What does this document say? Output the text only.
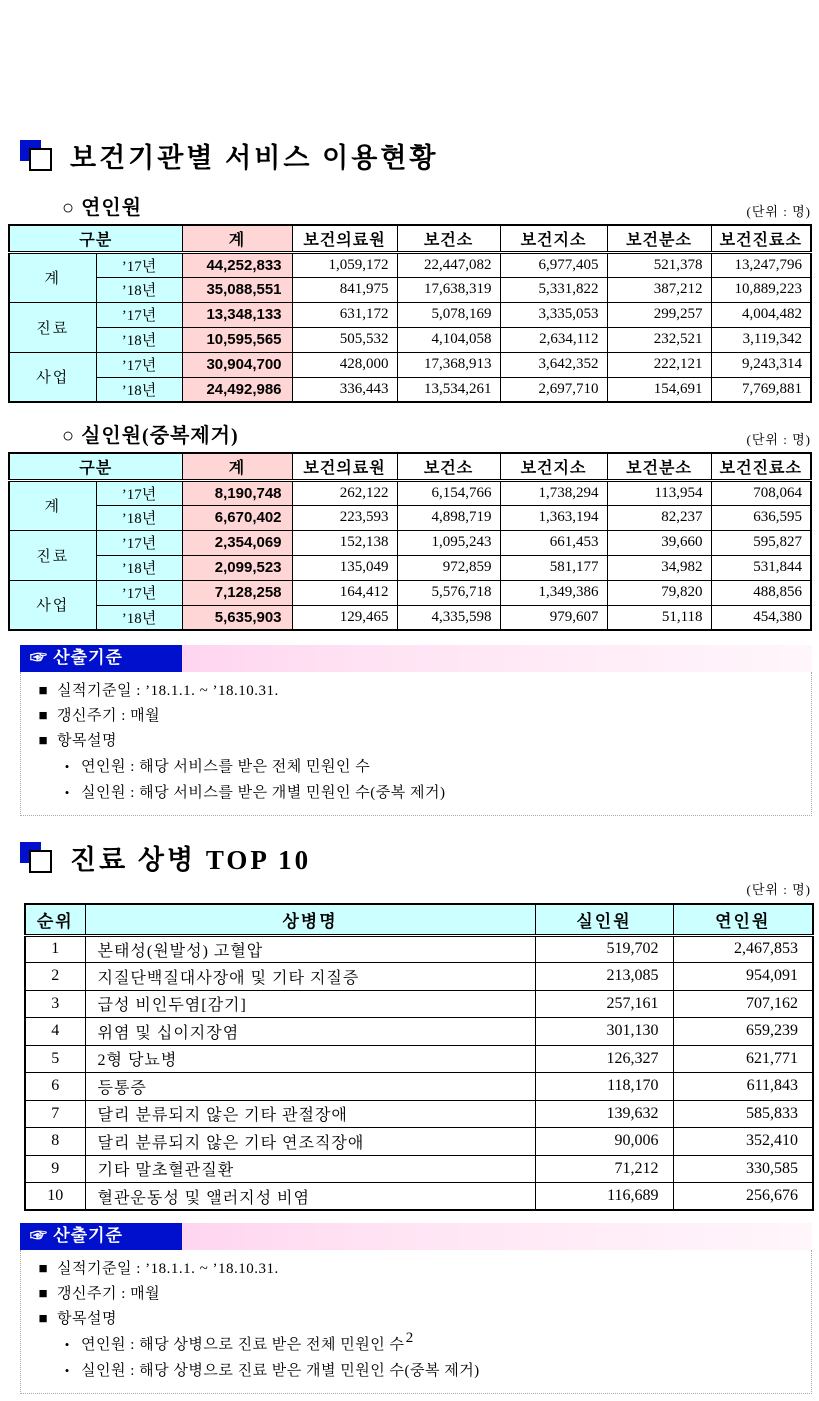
보건기관별 서비스 이용현황
○ 연인원	(단위 : 명)
구분		계	보건의료원	보건소	보건지소	보건분소	보건진료소
계	’17년	44,252,833	1,059,172	22,447,082	6,977,405	521,378	13,247,796
	’18년	35,088,551	841,975	17,638,319	5,331,822	387,212	10,889,223
진료	’17년	13,348,133	631,172	5,078,169	3,335,053	299,257	4,004,482
	’18년	10,595,565	505,532	4,104,058	2,634,112	232,521	3,119,342
사업	’17년	30,904,700	428,000	17,368,913	3,642,352	222,121	9,243,314
	’18년	24,492,986	336,443	13,534,261	2,697,710	154,691	7,769,881
○ 실인원(중복제거)	(단위 : 명)
구분		계	보건의료원	보건소	보건지소	보건분소	보건진료소
계	’17년	8,190,748	262,122	6,154,766	1,738,294	113,954	708,064
	’18년	6,670,402	223,593	4,898,719	1,363,194	82,237	636,595
진료	’17년	2,354,069	152,138	1,095,243	661,453	39,660	595,827
	’18년	2,099,523	135,049	972,859	581,177	34,982	531,844
사업	’17년	7,128,258	164,412	5,576,718	1,349,386	79,820	488,856
	’18년	5,635,903	129,465	4,335,598	979,607	51,118	454,380
☞ 산출기준
■ 실적기준일 : ’18.1.1. ~ ’18.10.31.
■ 갱신주기 : 매월
■ 항목설명
• 연인원 : 해당 서비스를 받은 전체 민원인 수
• 실인원 : 해당 서비스를 받은 개별 민원인 수(중복 제거)
진료 상병 TOP 10
(단위 : 명)
순위	상병명	실인원	연인원
1	본태성(원발성) 고혈압	519,702	2,467,853
2	지질단백질대사장애 및 기타 지질증	213,085	954,091
3	급성 비인두염[감기]	257,161	707,162
4	위염 및 십이지장염	301,130	659,239
5	2형 당뇨병	126,327	621,771
6	등통증	118,170	611,843
7	달리 분류되지 않은 기타 관절장애	139,632	585,833
8	달리 분류되지 않은 기타 연조직장애	90,006	352,410
9	기타 말초혈관질환	71,212	330,585
10	혈관운동성 및 앨러지성 비염	116,689	256,676
☞ 산출기준
■ 실적기준일 : ’18.1.1. ~ ’18.10.31.
■ 갱신주기 : 매월
■ 항목설명
• 연인원 : 해당 상병으로 진료 받은 전체 민원인 수
• 실인원 : 해당 상병으로 진료 받은 개별 민원인 수(중복 제거)
2
